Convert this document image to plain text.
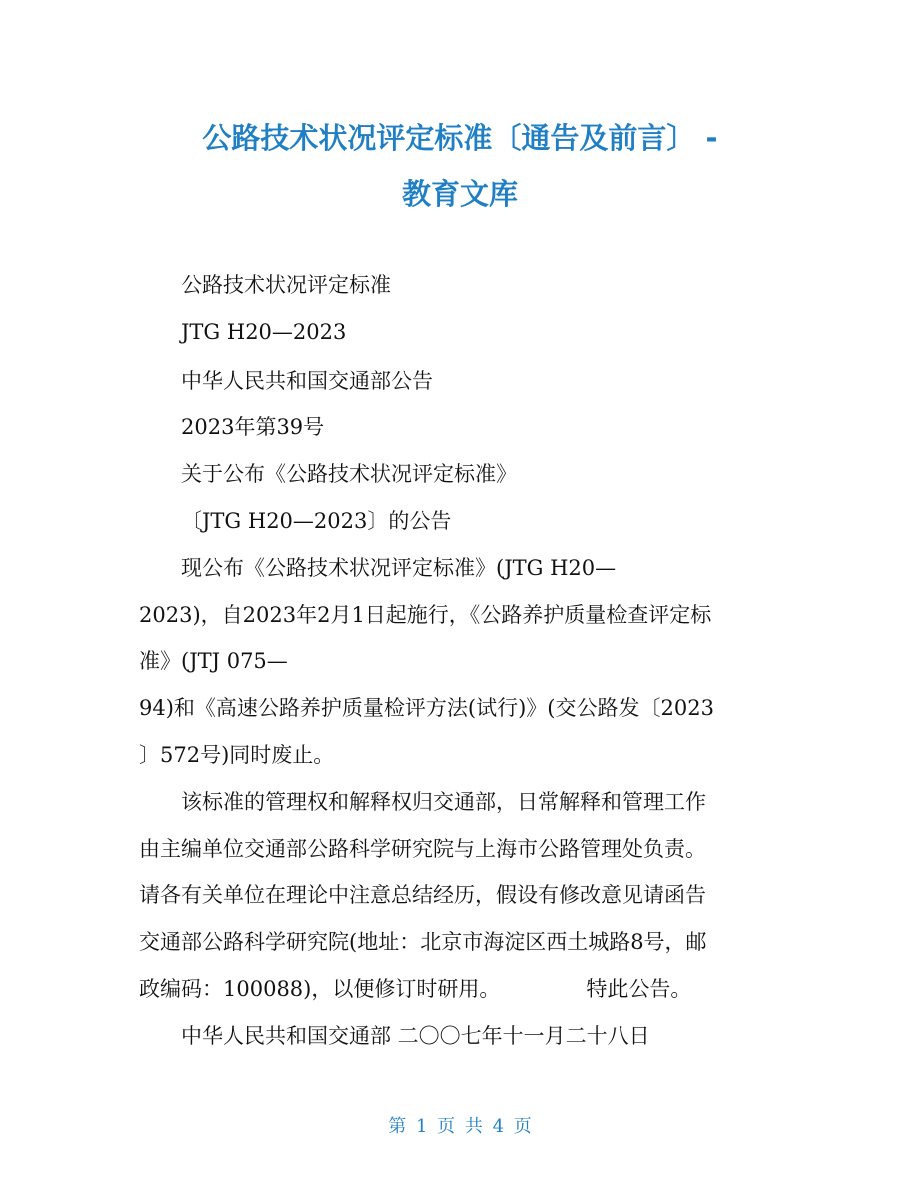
公路技术状况评定标准〔通告及前言〕 -
教育文库
公路技术状况评定标准
JTG H20—2023
中华人民共和国交通部公告
2023年第39号
关于公布《公路技术状况评定标准》
〔JTG H20—2023〕的公告
现公布《公路技术状况评定标准》(JTG H20—
2023)，自2023年2月1日起施行，《公路养护质量检查评定标
准》(JTJ 075—
94)和《高速公路养护质量检评方法(试行)》(交公路发〔2023
〕572号)同时废止。
该标准的管理权和解释权归交通部，日常解释和管理工作
由主编单位交通部公路科学研究院与上海市公路管理处负责。
请各有关单位在理论中注意总结经历，假设有修改意见请函告
交通部公路科学研究院(地址：北京市海淀区西土城路8号，邮
政编码：100088)，以便修订时研用。	特此公告。
中华人民共和国交通部 二〇〇七年十一月二十八日
第 1 页 共 4 页
